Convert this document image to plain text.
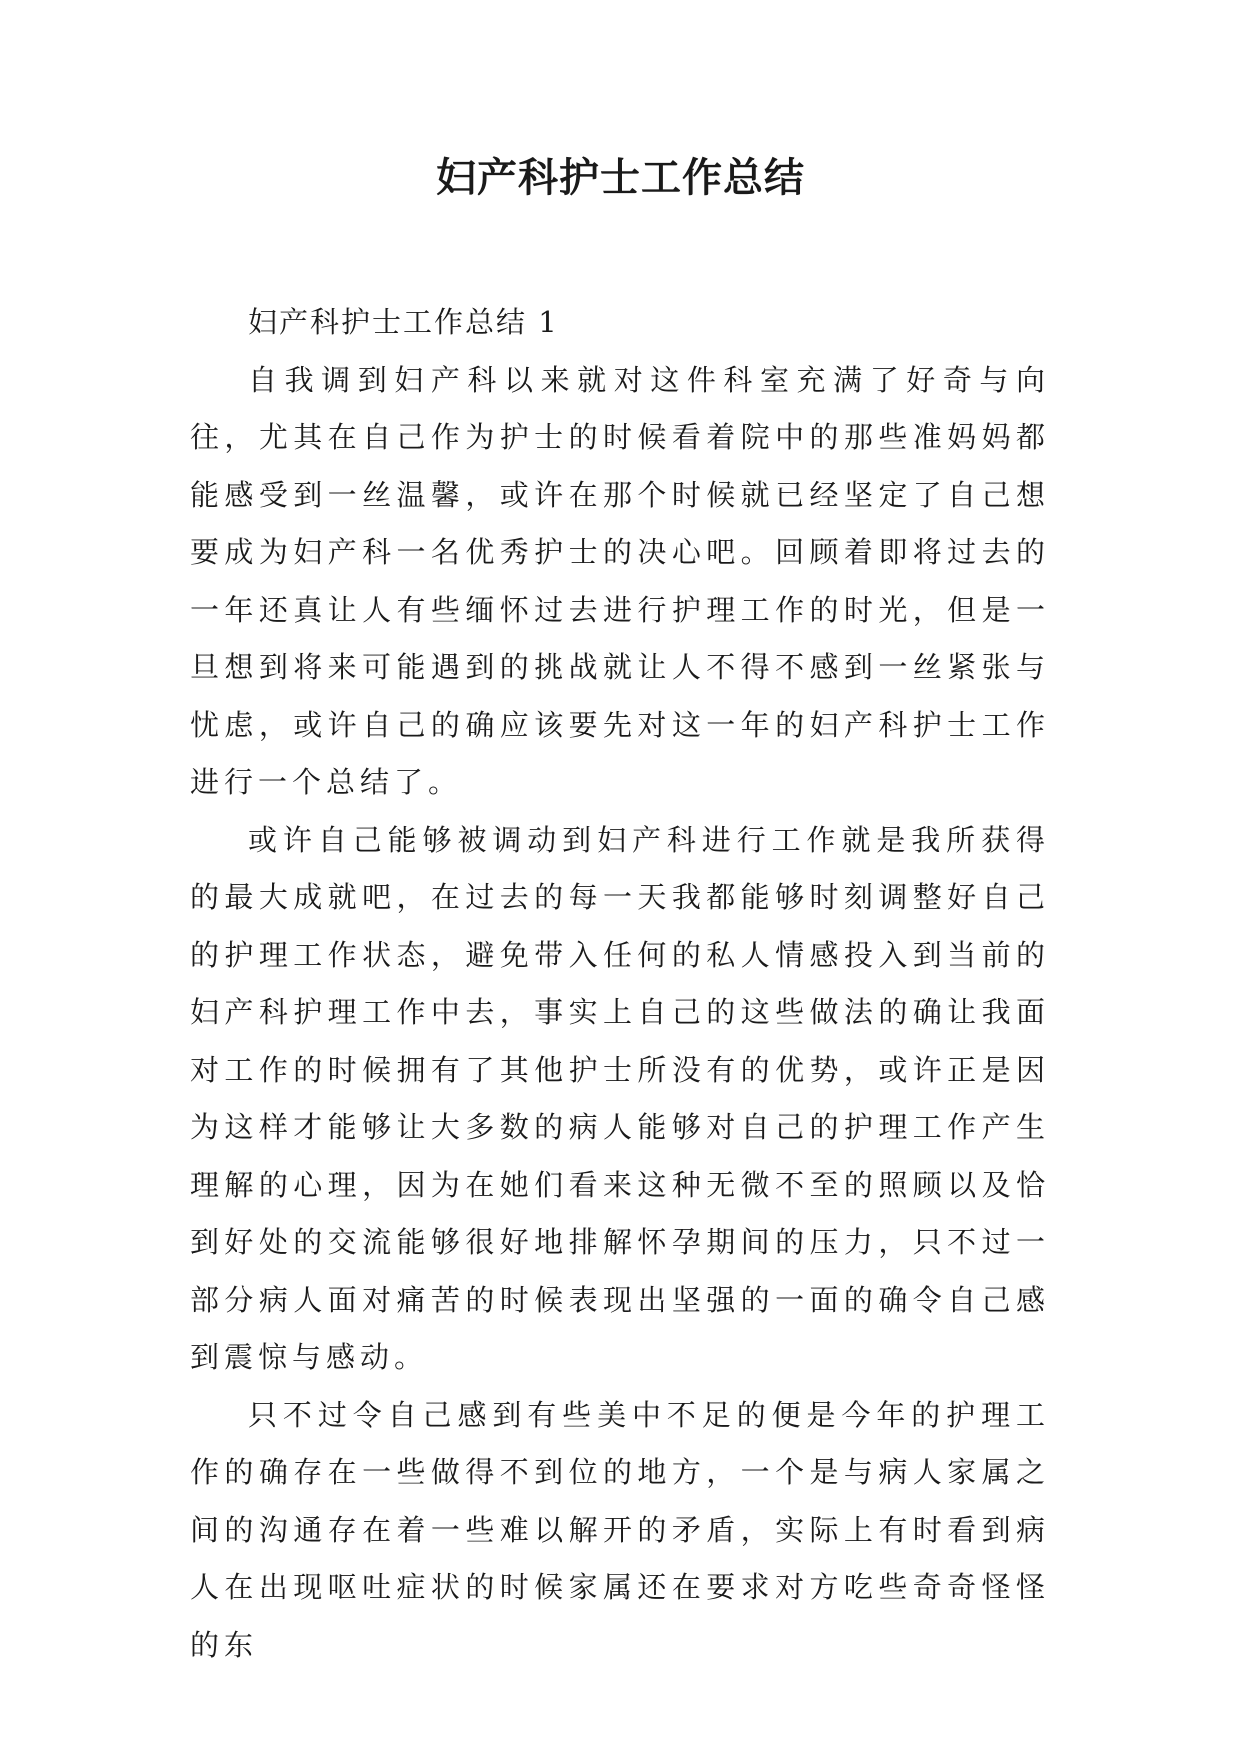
妇产科护士工作总结

妇产科护士工作总结 1

自我调到妇产科以来就对这件科室充满了好奇与向往，尤其在自己作为护士的时候看着院中的那些准妈妈都能感受到一丝温馨，或许在那个时候就已经坚定了自己想要成为妇产科一名优秀护士的决心吧。回顾着即将过去的一年还真让人有些缅怀过去进行护理工作的时光，但是一旦想到将来可能遇到的挑战就让人不得不感到一丝紧张与忧虑，或许自己的确应该要先对这一年的妇产科护士工作进行一个总结了。

或许自己能够被调动到妇产科进行工作就是我所获得的最大成就吧，在过去的每一天我都能够时刻调整好自己的护理工作状态，避免带入任何的私人情感投入到当前的妇产科护理工作中去，事实上自己的这些做法的确让我面对工作的时候拥有了其他护士所没有的优势，或许正是因为这样才能够让大多数的病人能够对自己的护理工作产生理解的心理，因为在她们看来这种无微不至的照顾以及恰到好处的交流能够很好地排解怀孕期间的压力，只不过一部分病人面对痛苦的时候表现出坚强的一面的确令自己感到震惊与感动。

只不过令自己感到有些美中不足的便是今年的护理工作的确存在一些做得不到位的地方，一个是与病人家属之间的沟通存在着一些难以解开的矛盾，实际上有时看到病人在出现呕吐症状的时候家属还在要求对方吃些奇奇怪怪的东
